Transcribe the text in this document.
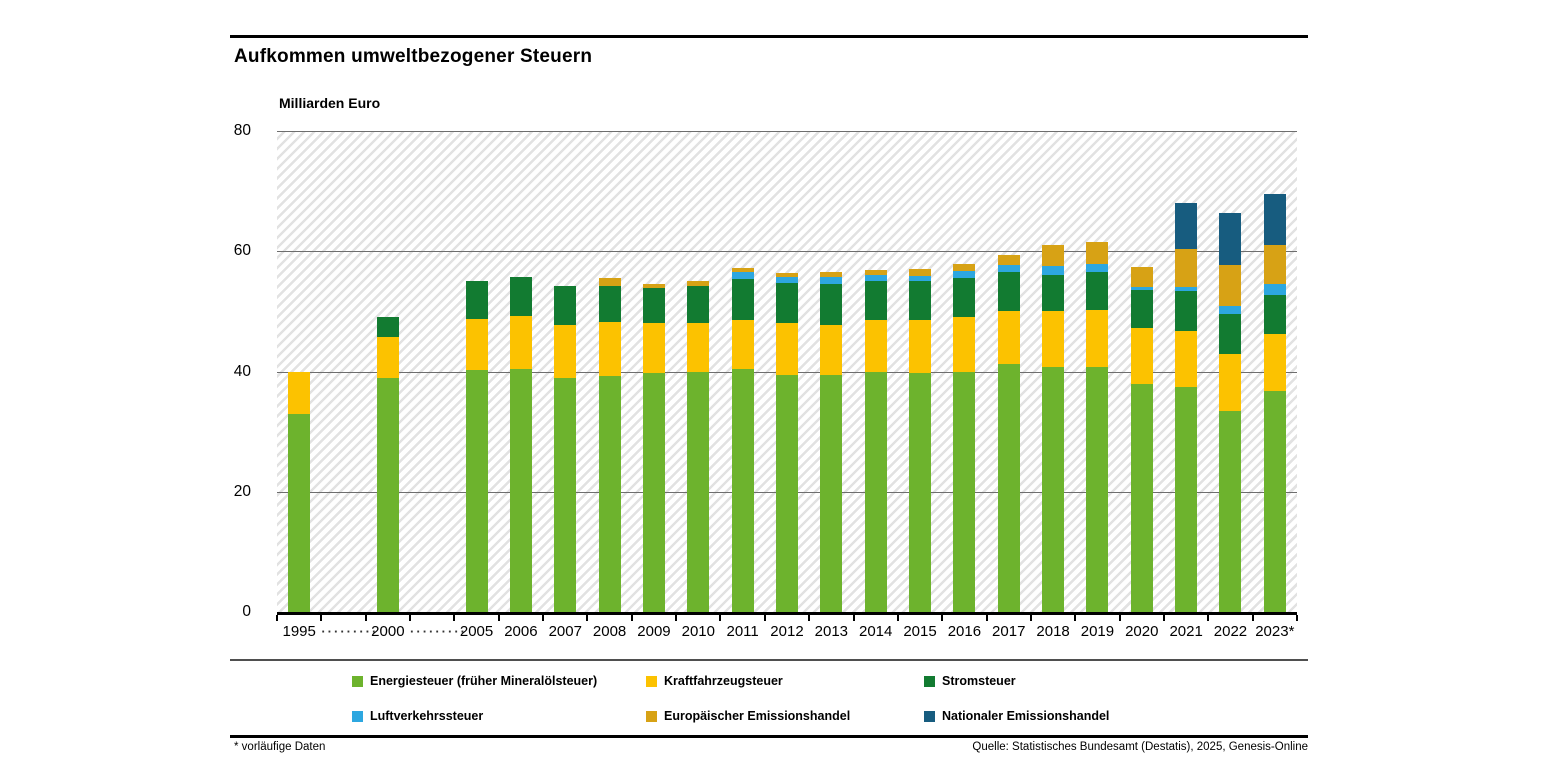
Aufkommen umweltbezogener Steuern
Milliarden Euro
80
60
40
20
0
1995 ·········
2000 ·········
2005 2006 2007 2008 2009 2010 2011 2012 2013 2014 2015 2016 2017 2018 2019 2020 2021 2022 2023*
Energiesteuer (früher Mineralölsteuer)	Kraftfahrzeugsteuer	Stromsteuer
Luftverkehrssteuer	Europäischer Emissionshandel	Nationaler Emissionshandel
* vorläufige Daten	Quelle: Statistisches Bundesamt (Destatis), 2025, Genesis-Online
